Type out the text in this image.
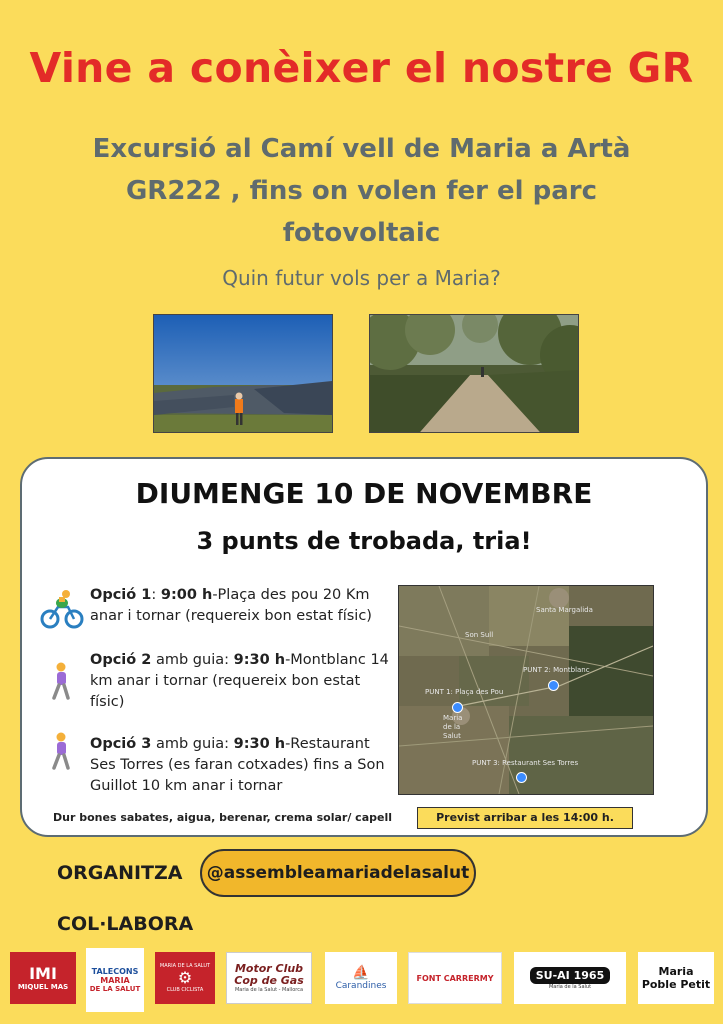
Vine a conèixer el nostre GR
Excursió al Camí vell de Maria a Artà GR222 , fins on volen fer el parc fotovoltaic
Quin futur vols per a Maria?
DIUMENGE 10 DE NOVEMBRE
3 punts de trobada, tria!
Opció 1: 9:00 h-Plaça des pou 20 Km anar i tornar (requereix bon estat físic)
Opció 2 amb guia: 9:30 h-Montblanc 14 km anar i tornar (requereix bon estat físic)
Opció 3 amb guia: 9:30 h-Restaurant Ses Torres (es faran cotxades) fins a Son Guillot 10 km anar i tornar
Santa Margalida
Son Sull
PUNT 1: Plaça des Pou
Maria de la Salut
PUNT 2: Montblanc
PUNT 3: Restaurant Ses Torres
Dur bones sabates, aigua, berenar, crema solar/ capell	Previst arribar a les 14:00 h.
ORGANITZA	@assembleamariadelasalut
COL·LABORA
IMI
MIQUEL MAS
TALECONS
MARIA
DE LA SALUT
MARIA DE LA SALUT
⚙
CLUB CICLISTA
Motor Club
Cop de Gas
Maria de la Salut - Mallorca
⛵
Carandines
FONT CARRERMY	SU-AI 1965
Maria de la Salut
Maria
Poble Petit
